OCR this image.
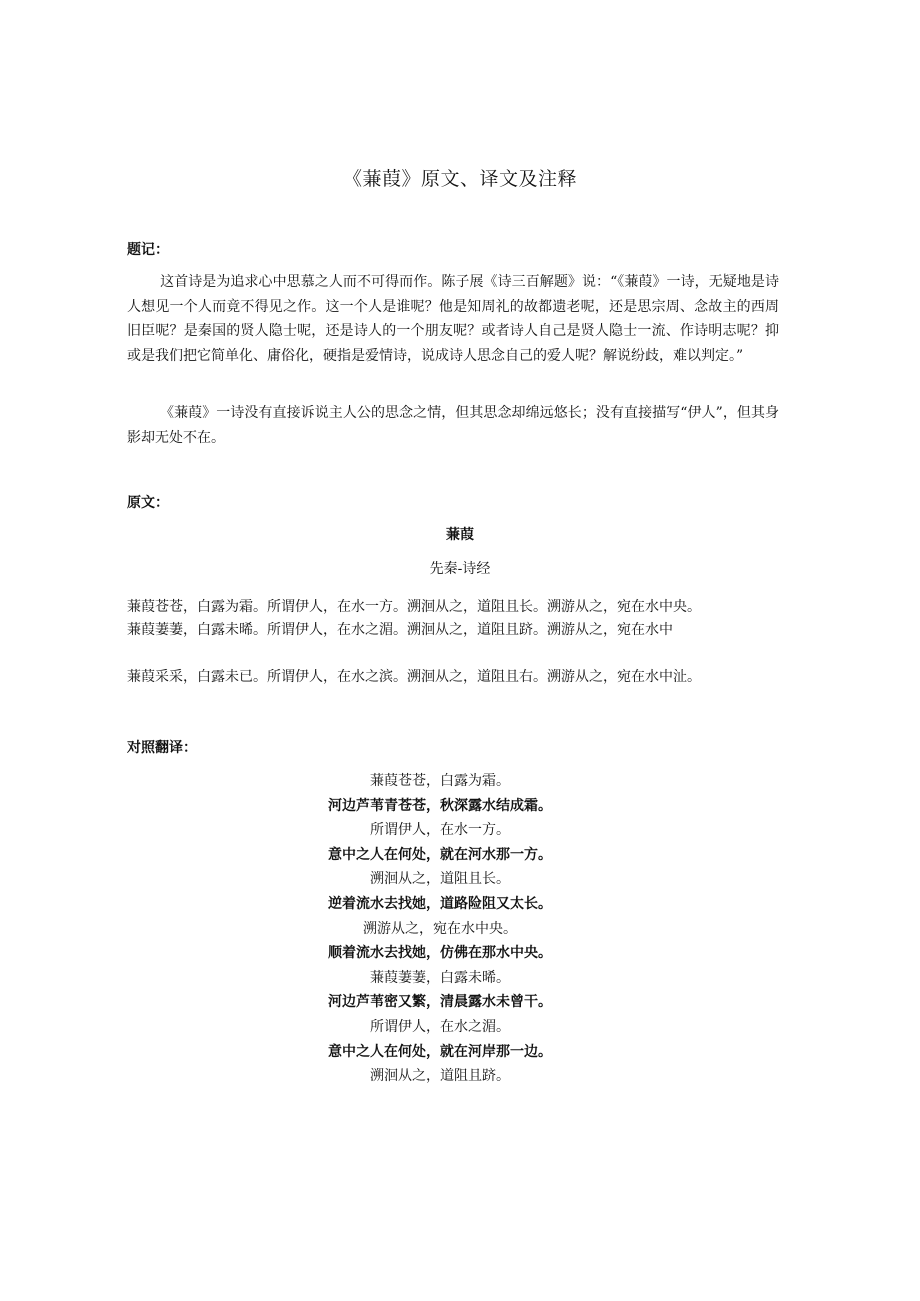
《蒹葭》原文、译文及注释
题记：
这首诗是为追求心中思慕之人而不可得而作。陈子展《诗三百解题》说：“《蒹葭》一诗，无疑地是诗人想见一个人而竟不得见之作。这一个人是谁呢？他是知周礼的故都遗老呢，还是思宗周、念故主的西周旧臣呢？是秦国的贤人隐士呢，还是诗人的一个朋友呢？或者诗人自己是贤人隐士一流、作诗明志呢？抑或是我们把它简单化、庸俗化，硬指是爱情诗，说成诗人思念自己的爱人呢？解说纷歧，难以判定。”
《蒹葭》一诗没有直接诉说主人公的思念之情，但其思念却绵远悠长；没有直接描写“伊人”，但其身影却无处不在。
原文：
蒹葭
先秦-诗经
蒹葭苍苍，白露为霜。所谓伊人，在水一方。溯洄从之，道阻且长。溯游从之，宛在水中央。
蒹葭萋萋，白露未晞。所谓伊人，在水之湄。溯洄从之，道阻且跻。溯游从之，宛在水中
蒹葭采采，白露未已。所谓伊人，在水之滨。溯洄从之，道阻且右。溯游从之，宛在水中沚。
对照翻译：
蒹葭苍苍，白露为霜。
河边芦苇青苍苍，秋深露水结成霜。
所谓伊人，在水一方。
意中之人在何处，就在河水那一方。
溯洄从之，道阻且长。
逆着流水去找她，道路险阻又太长。
溯游从之，宛在水中央。
顺着流水去找她，仿佛在那水中央。
蒹葭萋萋，白露未晞。
河边芦苇密又繁，清晨露水未曾干。
所谓伊人，在水之湄。
意中之人在何处，就在河岸那一边。
溯洄从之，道阻且跻。
